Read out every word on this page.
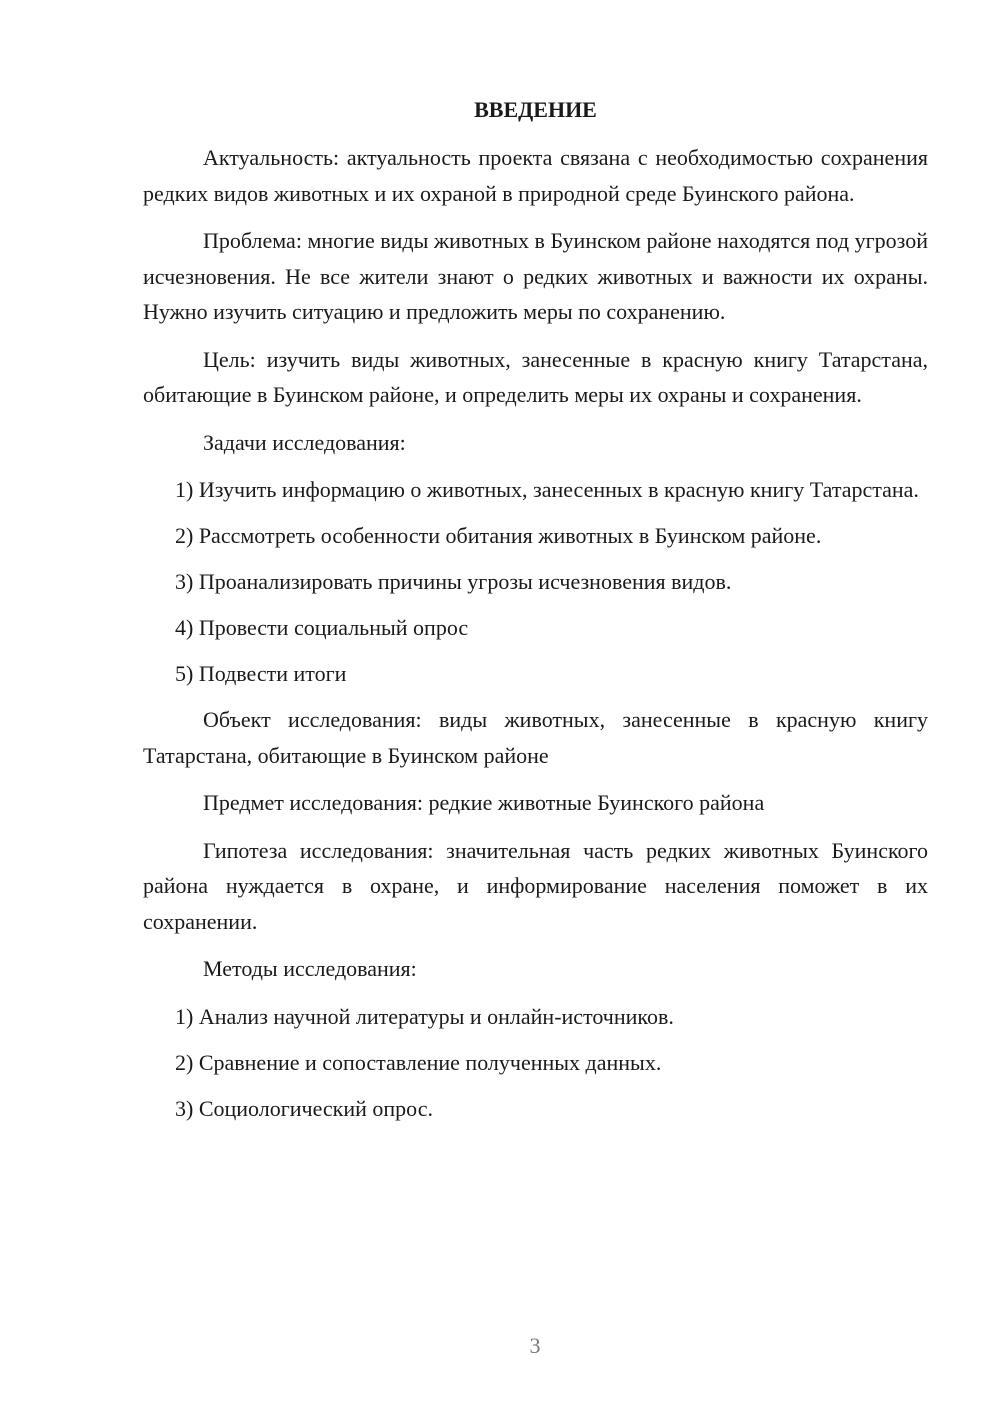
ВВЕДЕНИЕ

Актуальность: актуальность проекта связана с необходимостью сохранения редких видов животных и их охраной в природной среде Буинского района.

Проблема: многие виды животных в Буинском районе находятся под угрозой исчезновения. Не все жители знают о редких животных и важности их охраны. Нужно изучить ситуацию и предложить меры по сохранению.

Цель: изучить виды животных, занесенные в красную книгу Татарстана, обитающие в Буинском районе, и определить меры их охраны и сохранения.

Задачи исследования:

1) Изучить информацию о животных, занесенных в красную книгу Татарстана.

2) Рассмотреть особенности обитания животных в Буинском районе.

3) Проанализировать причины угрозы исчезновения видов.

4) Провести социальный опрос

5) Подвести итоги

Объект исследования: виды животных, занесенные в красную книгу Татарстана, обитающие в Буинском районе

Предмет исследования: редкие животные Буинского района

Гипотеза исследования: значительная часть редких животных Буинского района нуждается в охране, и информирование населения поможет в их сохранении.

Методы исследования:

1) Анализ научной литературы и онлайн-источников.

2) Сравнение и сопоставление полученных данных.

3) Социологический опрос.

3
